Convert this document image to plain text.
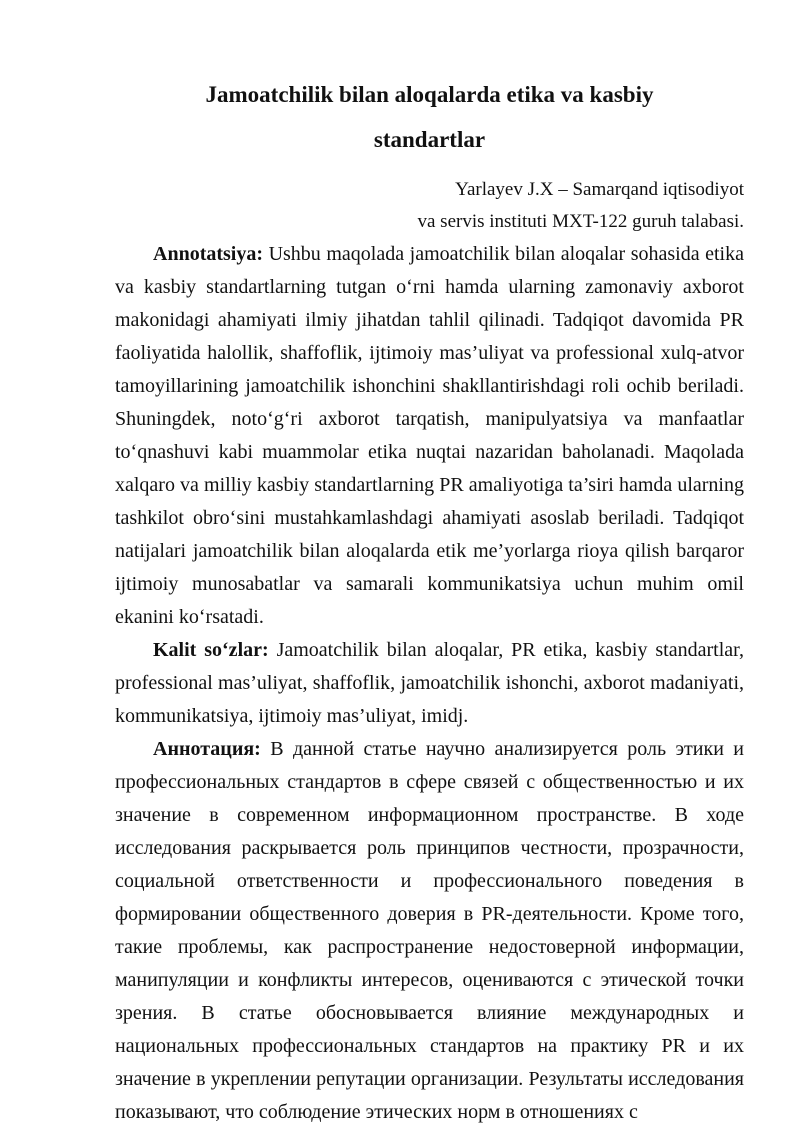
Jamoatchilik bilan aloqalarda etika va kasbiy
standartlar
Yarlayev J.X – Samarqand iqtisodiyot
va servis instituti MXT-122 guruh talabasi.

Annotatsiya: Ushbu maqolada jamoatchilik bilan aloqalar sohasida etika va kasbiy standartlarning tutgan o‘rni hamda ularning zamonaviy axborot makonidagi ahamiyati ilmiy jihatdan tahlil qilinadi. Tadqiqot davomida PR faoliyatida halollik, shaffoflik, ijtimoiy mas’uliyat va professional xulq-atvor tamoyillarining jamoatchilik ishonchini shakllantirishdagi roli ochib beriladi. Shuningdek, noto‘g‘ri axborot tarqatish, manipulyatsiya va manfaatlar to‘qnashuvi kabi muammolar etika nuqtai nazaridan baholanadi. Maqolada xalqaro va milliy kasbiy standartlarning PR amaliyotiga ta’siri hamda ularning tashkilot obro‘sini mustahkamlashdagi ahamiyati asoslab beriladi. Tadqiqot natijalari jamoatchilik bilan aloqalarda etik me’yorlarga rioya qilish barqaror ijtimoiy munosabatlar va samarali kommunikatsiya uchun muhim omil ekanini ko‘rsatadi.

Kalit so‘zlar: Jamoatchilik bilan aloqalar, PR etika, kasbiy standartlar, professional mas’uliyat, shaffoflik, jamoatchilik ishonchi, axborot madaniyati, kommunikatsiya, ijtimoiy mas’uliyat, imidj.

Аннотация: В данной статье научно анализируется роль этики и профессиональных стандартов в сфере связей с общественностью и их значение в современном информационном пространстве. В ходе исследования раскрывается роль принципов честности, прозрачности, социальной ответственности и профессионального поведения в формировании общественного доверия в PR-деятельности. Кроме того, такие проблемы, как распространение недостоверной информации, манипуляции и конфликты интересов, оцениваются с этической точки зрения. В статье обосновывается влияние международных и национальных профессиональных стандартов на практику PR и их значение в укреплении репутации организации. Результаты исследования показывают, что соблюдение этических норм в отношениях с
